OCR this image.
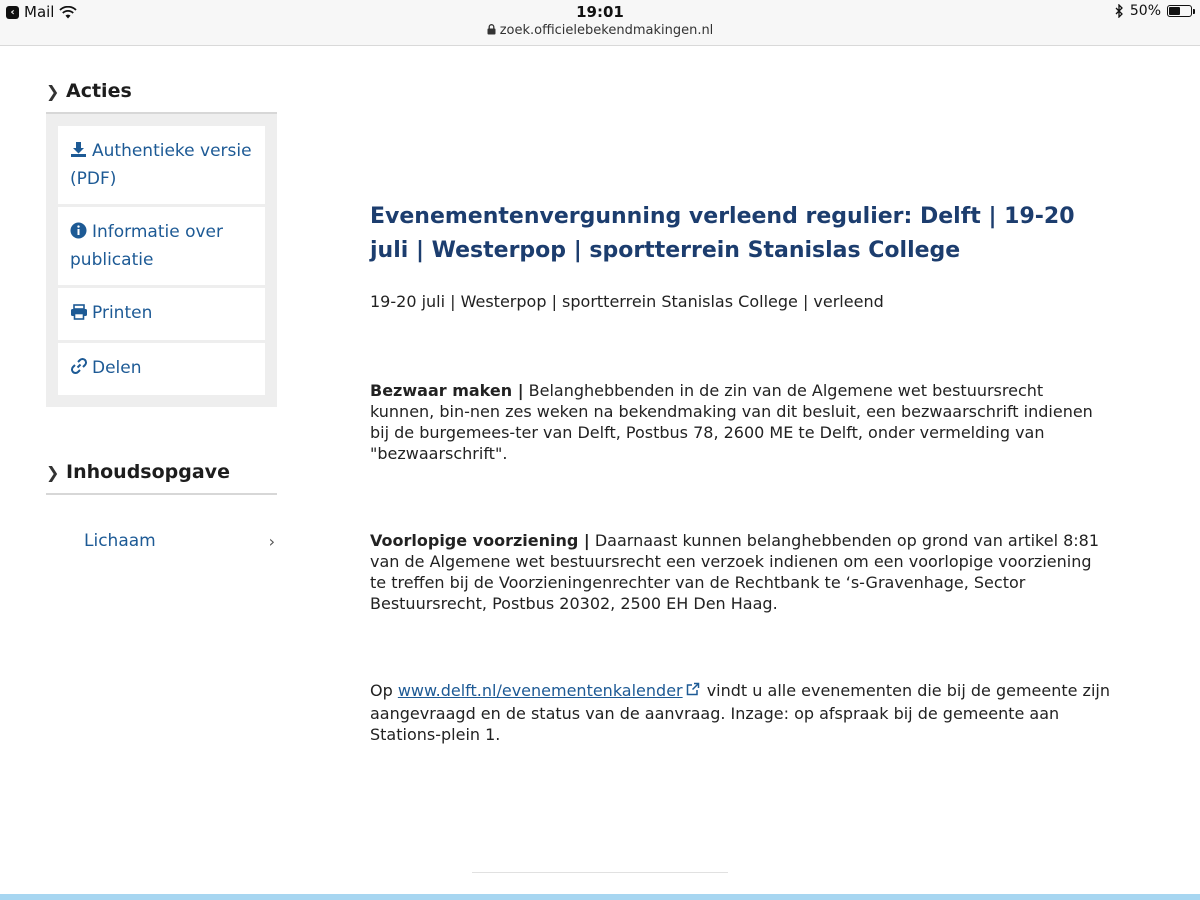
‹ Mail	19:01
zoek.officielebekendmakingen.nl
50%
❯ Acties
Authentieke versie (PDF)
Informatie over publicatie
Printen
Delen
❯ Inhoudsopgave
Lichaam	›
Evenementenvergunning verleend regulier: Delft | 19-20 juli | Westerpop | sportterrein Stanislas College

19-20 juli | Westerpop | sportterrein Stanislas College | verleend

Bezwaar maken | Belanghebbenden in de zin van de Algemene wet bestuursrecht kunnen, bin-nen zes weken na bekendmaking van dit besluit, een bezwaarschrift indienen bij de burgemees-ter van Delft, Postbus 78, 2600 ME te Delft, onder vermelding van "bezwaarschrift".

Voorlopige voorziening | Daarnaast kunnen belanghebbenden op grond van artikel 8:81 van de Algemene wet bestuursrecht een verzoek indienen om een voorlopige voorziening te treffen bij de Voorzieningenrechter van de Rechtbank te ‘s-Gravenhage, Sector Bestuursrecht, Postbus 20302, 2500 EH Den Haag.

Op www.delft.nl/evenementenkalender vindt u alle evenementen die bij de gemeente zijn aangevraagd en de status van de aanvraag. Inzage: op afspraak bij de gemeente aan Stations-plein 1.
